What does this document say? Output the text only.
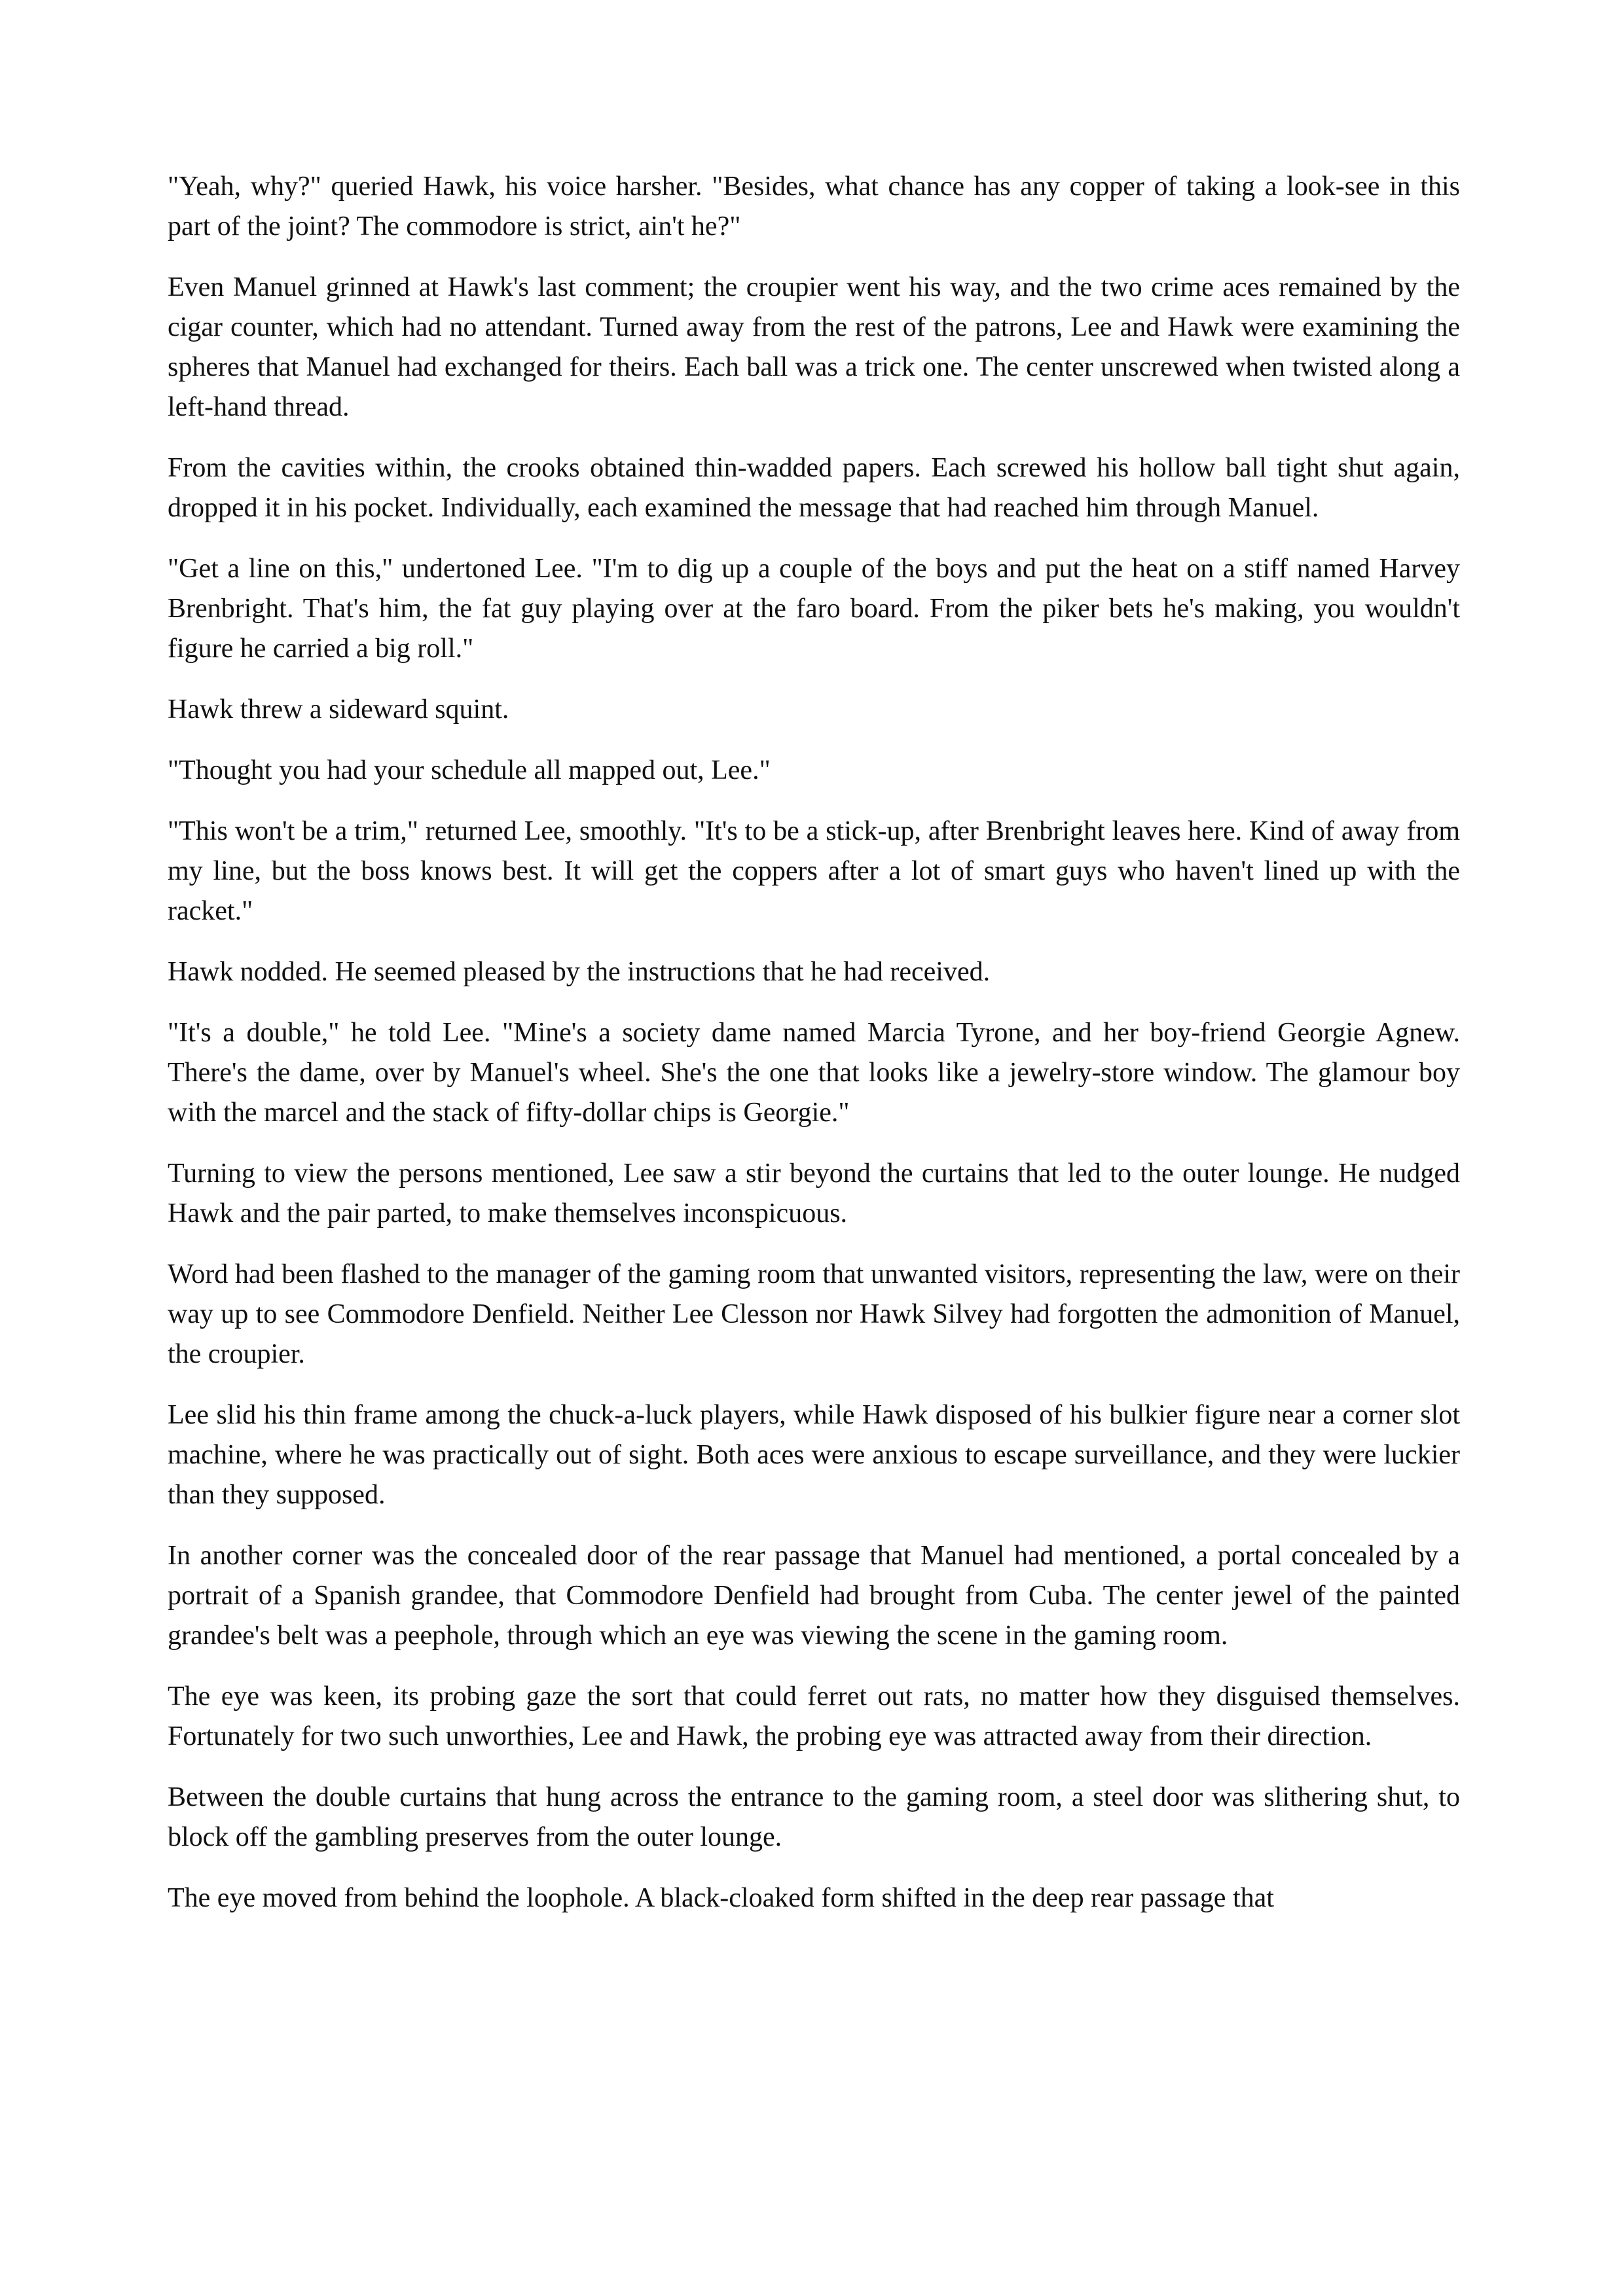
"Yeah, why?" queried Hawk, his voice harsher. "Besides, what chance has any copper of taking a look-see in this part of the joint? The commodore is strict, ain't he?"

Even Manuel grinned at Hawk's last comment; the croupier went his way, and the two crime aces remained by the cigar counter, which had no attendant. Turned away from the rest of the patrons, Lee and Hawk were examining the spheres that Manuel had exchanged for theirs. Each ball was a trick one. The center unscrewed when twisted along a left-hand thread.

From the cavities within, the crooks obtained thin-wadded papers. Each screwed his hollow ball tight shut again, dropped it in his pocket. Individually, each examined the message that had reached him through Manuel.

"Get a line on this," undertoned Lee. "I'm to dig up a couple of the boys and put the heat on a stiff named Harvey Brenbright. That's him, the fat guy playing over at the faro board. From the piker bets he's making, you wouldn't figure he carried a big roll."

Hawk threw a sideward squint.

"Thought you had your schedule all mapped out, Lee."

"This won't be a trim," returned Lee, smoothly. "It's to be a stick-up, after Brenbright leaves here. Kind of away from my line, but the boss knows best. It will get the coppers after a lot of smart guys who haven't lined up with the racket."

Hawk nodded. He seemed pleased by the instructions that he had received.

"It's a double," he told Lee. "Mine's a society dame named Marcia Tyrone, and her boy-friend Georgie Agnew. There's the dame, over by Manuel's wheel. She's the one that looks like a jewelry-store window. The glamour boy with the marcel and the stack of fifty-dollar chips is Georgie."

Turning to view the persons mentioned, Lee saw a stir beyond the curtains that led to the outer lounge. He nudged Hawk and the pair parted, to make themselves inconspicuous.

Word had been flashed to the manager of the gaming room that unwanted visitors, representing the law, were on their way up to see Commodore Denfield. Neither Lee Clesson nor Hawk Silvey had forgotten the admonition of Manuel, the croupier.

Lee slid his thin frame among the chuck-a-luck players, while Hawk disposed of his bulkier figure near a corner slot machine, where he was practically out of sight. Both aces were anxious to escape surveillance, and they were luckier than they supposed.

In another corner was the concealed door of the rear passage that Manuel had mentioned, a portal concealed by a portrait of a Spanish grandee, that Commodore Denfield had brought from Cuba. The center jewel of the painted grandee's belt was a peephole, through which an eye was viewing the scene in the gaming room.

The eye was keen, its probing gaze the sort that could ferret out rats, no matter how they disguised themselves. Fortunately for two such unworthies, Lee and Hawk, the probing eye was attracted away from their direction.

Between the double curtains that hung across the entrance to the gaming room, a steel door was slithering shut, to block off the gambling preserves from the outer lounge.

The eye moved from behind the loophole. A black-cloaked form shifted in the deep rear passage that
